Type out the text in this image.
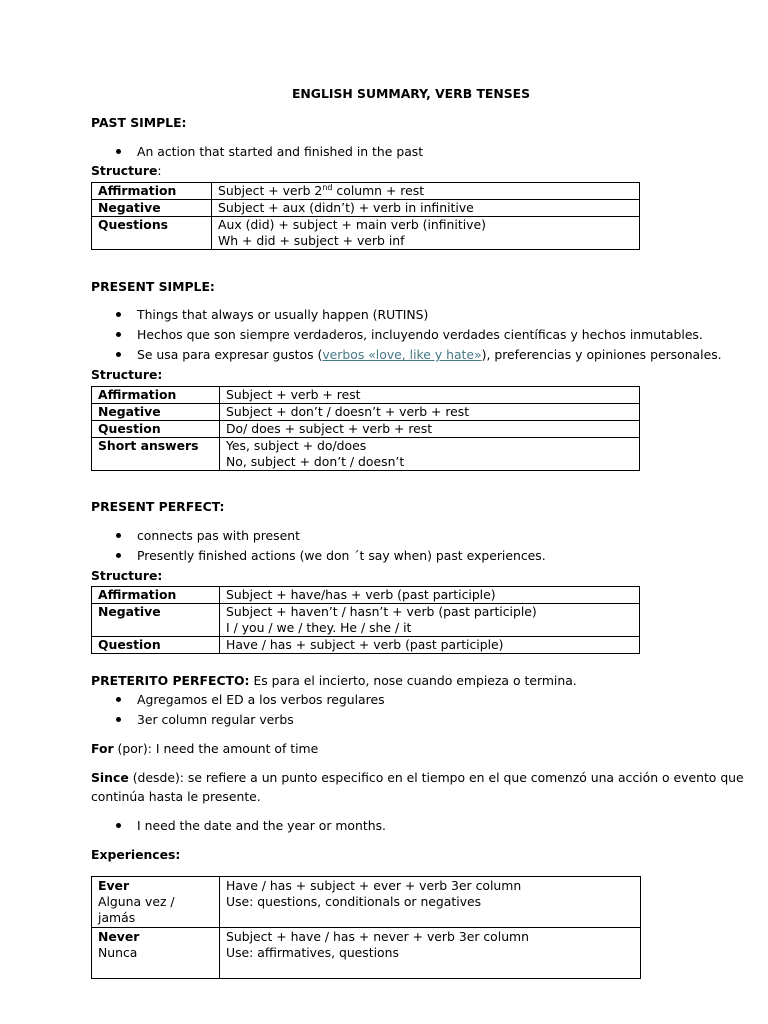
ENGLISH SUMMARY, VERB TENSES
PAST SIMPLE:
An action that started and finished in the past
Structure:
Affirmation	Subject + verb 2nd column + rest
Negative	Subject + aux (didn’t) + verb in infinitive
Questions	Aux (did) + subject + main verb (infinitive)
Wh + did + subject + verb inf
PRESENT SIMPLE:
Things that always or usually happen (RUTINS)
Hechos que son siempre verdaderos, incluyendo verdades científicas y hechos inmutables.
Se usa para expresar gustos (verbos «love, like y hate»), preferencias y opiniones personales.
Structure:
Affirmation	Subject + verb + rest

Negative	Subject + don’t / doesn’t + verb + rest

Question	Do/ does + subject + verb + rest

Short answers	Yes, subject + do/does
No, subject + don’t / doesn’t
PRESENT PERFECT:
connects pas with present
Presently finished actions (we don ´t say when) past experiences.
Structure:
Affirmation	Subject + have/has + verb (past participle)

Negative	Subject + haven’t / hasn’t + verb (past participle)
I / you / we / they. He / she / it

Question	Have / has + subject + verb (past participle)
PRETERITO PERFECTO: Es para el incierto, nose cuando empieza o termina.
Agregamos el ED a los verbos regulares
3er column regular verbs
For (por): I need the amount of time
Since (desde): se refiere a un punto especifico en el tiempo en el que comenzó una acción o evento que
continúa hasta le presente.
I need the date and the year or months.
Experiences:
Ever
Alguna vez / jamás	Have / has + subject + ever + verb 3er column
Use: questions, conditionals or negatives

Never
Nunca	Subject + have / has + never + verb 3er column
Use: affirmatives, questions
